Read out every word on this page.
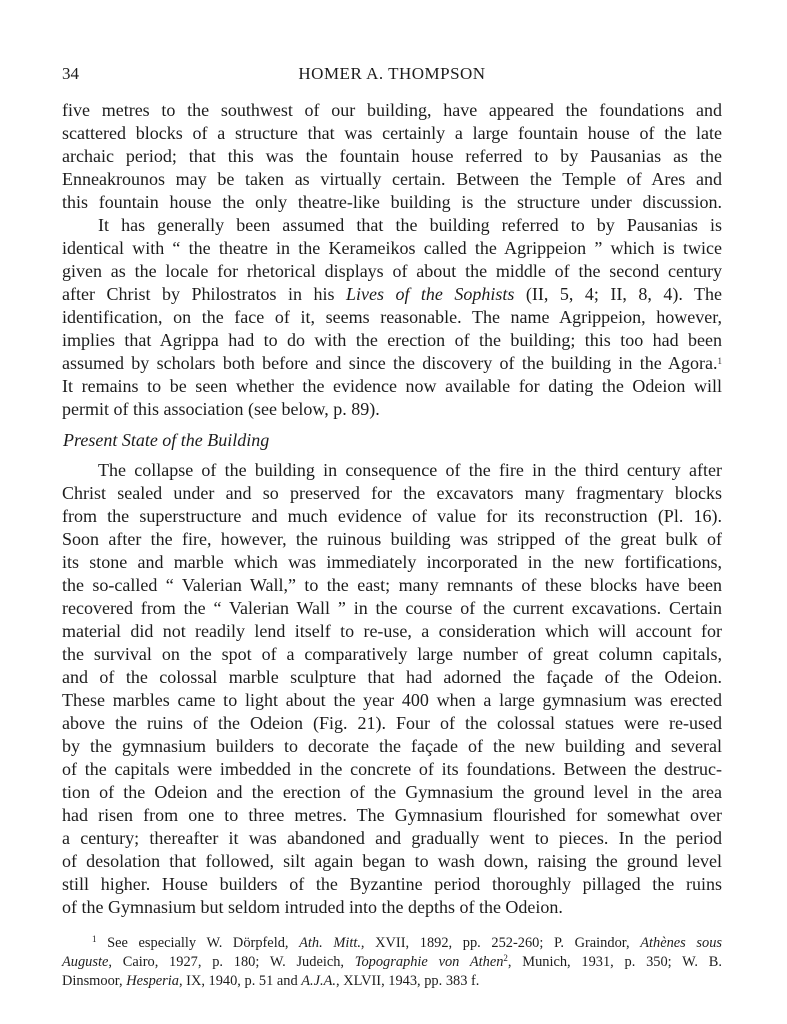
34	HOMER A. THOMPSON
five metres to the southwest of our building, have appeared the foundations and
scattered blocks of a structure that was certainly a large fountain house of the late
archaic period; that this was the fountain house referred to by Pausanias as the
Enneakrounos may be taken as virtually certain. Between the Temple of Ares and
this fountain house the only theatre-like building is the structure under discussion.
It has generally been assumed that the building referred to by Pausanias is
identical with “ the theatre in the Kerameikos called the Agrippeion ” which is twice
given as the locale for rhetorical displays of about the middle of the second century
after Christ by Philostratos in his Lives of the Sophists (II, 5, 4; II, 8, 4). The
identification, on the face of it, seems reasonable. The name Agrippeion, however,
implies that Agrippa had to do with the erection of the building; this too had been
assumed by scholars both before and since the discovery of the building in the Agora.$^1$
It remains to be seen whether the evidence now available for dating the Odeion will
permit of this association (see below, p. 89).
Present State of the Building
The collapse of the building in consequence of the fire in the third century after
Christ sealed under and so preserved for the excavators many fragmentary blocks
from the superstructure and much evidence of value for its reconstruction (Pl. 16).
Soon after the fire, however, the ruinous building was stripped of the great bulk of
its stone and marble which was immediately incorporated in the new fortifications,
the so-called “ Valerian Wall,” to the east; many remnants of these blocks have been
recovered from the “ Valerian Wall ” in the course of the current excavations. Certain
material did not readily lend itself to re-use, a consideration which will account for
the survival on the spot of a comparatively large number of great column capitals,
and of the colossal marble sculpture that had adorned the façade of the Odeion.
These marbles came to light about the year 400 when a large gymnasium was erected
above the ruins of the Odeion (Fig. 21). Four of the colossal statues were re-used
by the gymnasium builders to decorate the façade of the new building and several
of the capitals were imbedded in the concrete of its foundations. Between the destruc-
tion of the Odeion and the erection of the Gymnasium the ground level in the area
had risen from one to three metres. The Gymnasium flourished for somewhat over
a century; thereafter it was abandoned and gradually went to pieces. In the period
of desolation that followed, silt again began to wash down, raising the ground level
still higher. House builders of the Byzantine period thoroughly pillaged the ruins
of the Gymnasium but seldom intruded into the depths of the Odeion.
$^1$ See especially W. Dörpfeld, Ath. Mitt., XVII, 1892, pp. 252-260; P. Graindor, Athènes sous
Auguste, Cairo, 1927, p. 180; W. Judeich, Topographie von Athen$^2$, Munich, 1931, p. 350; W. B.
Dinsmoor, Hesperia, IX, 1940, p. 51 and A.J.A., XLVII, 1943, pp. 383 f.
